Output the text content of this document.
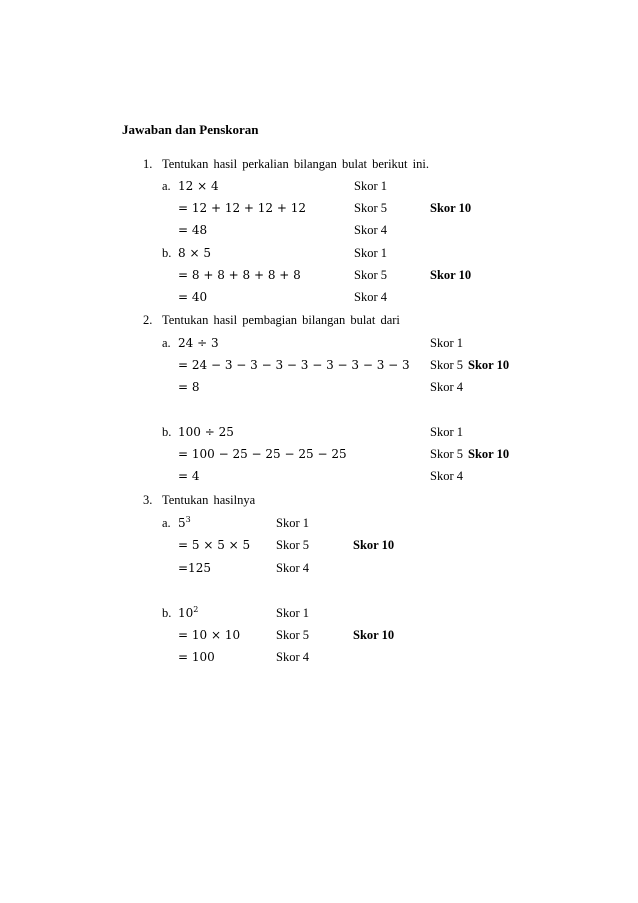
Jawaban dan Penskoran
1. Tentukan hasil perkalian bilangan bulat berikut ini.
a. 12 × 4	Skor 1
= 12 + 12 + 12 + 12	Skor 5	Skor 10
= 48	Skor 4
b. 8 × 5	Skor 1
= 8 + 8 + 8 + 8 + 8	Skor 5	Skor 10
= 40	Skor 4
2. Tentukan hasil pembagian bilangan bulat dari
a. 24 ÷ 3	Skor 1
= 24 − 3 − 3 − 3 − 3 − 3 − 3 − 3 − 3 Skor 5 Skor 10
= 8	Skor 4
b. 100 ÷ 25	Skor 1
= 100 − 25 − 25 − 25 − 25	Skor 5 Skor 10
= 4	Skor 4
3. Tentukan hasilnya
a. $5^3$	Skor 1
= 5 × 5 × 5 Skor 5	Skor 10
=125	Skor 4
b. $10^2$	Skor 1
= 10 × 10	Skor 5	Skor 10
= 100	Skor 4
